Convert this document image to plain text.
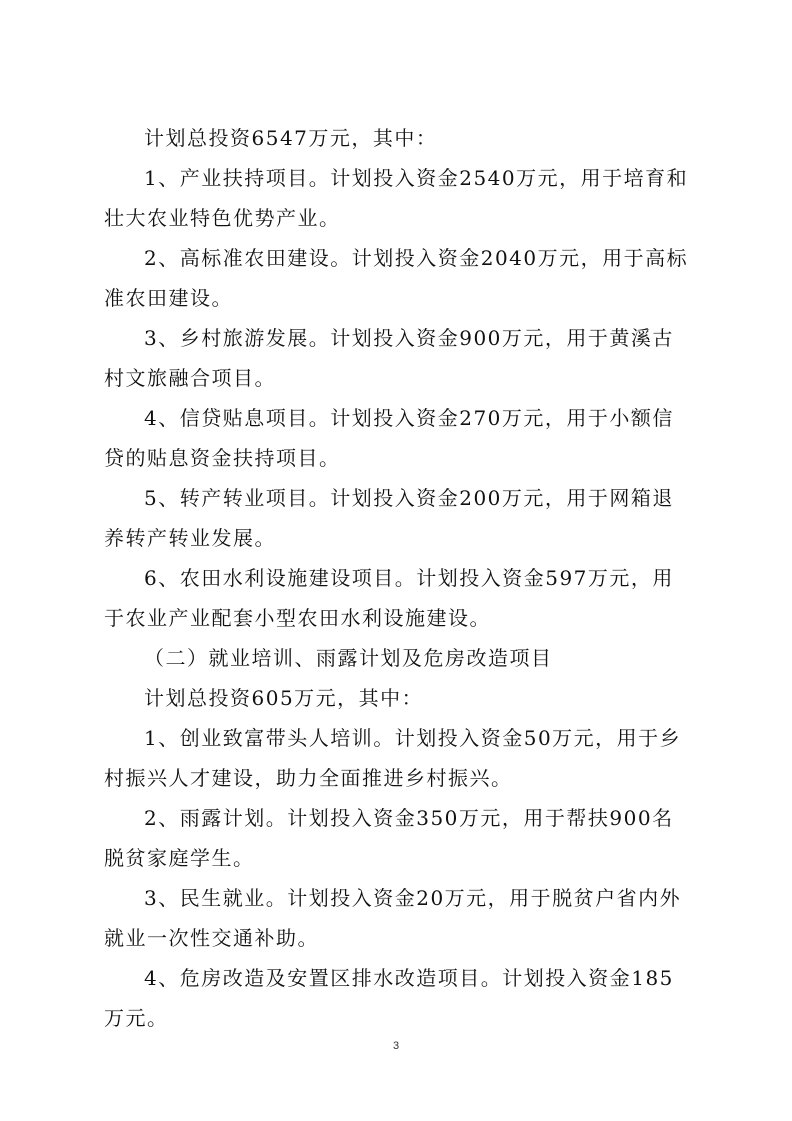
计划总投资6547万元，其中：

1、产业扶持项目。计划投入资金2540万元，用于培育和壮大农业特色优势产业。

2、高标准农田建设。计划投入资金2040万元，用于高标准农田建设。

3、乡村旅游发展。计划投入资金900万元，用于黄溪古村文旅融合项目。

4、信贷贴息项目。计划投入资金270万元，用于小额信贷的贴息资金扶持项目。

5、转产转业项目。计划投入资金200万元，用于网箱退养转产转业发展。

6、农田水利设施建设项目。计划投入资金597万元，用于农业产业配套小型农田水利设施建设。

（二）就业培训、雨露计划及危房改造项目

计划总投资605万元，其中：

1、创业致富带头人培训。计划投入资金50万元，用于乡村振兴人才建设，助力全面推进乡村振兴。

2、雨露计划。计划投入资金350万元，用于帮扶900名脱贫家庭学生。

3、民生就业。计划投入资金20万元，用于脱贫户省内外就业一次性交通补助。

4、危房改造及安置区排水改造项目。计划投入资金185万元。

3
